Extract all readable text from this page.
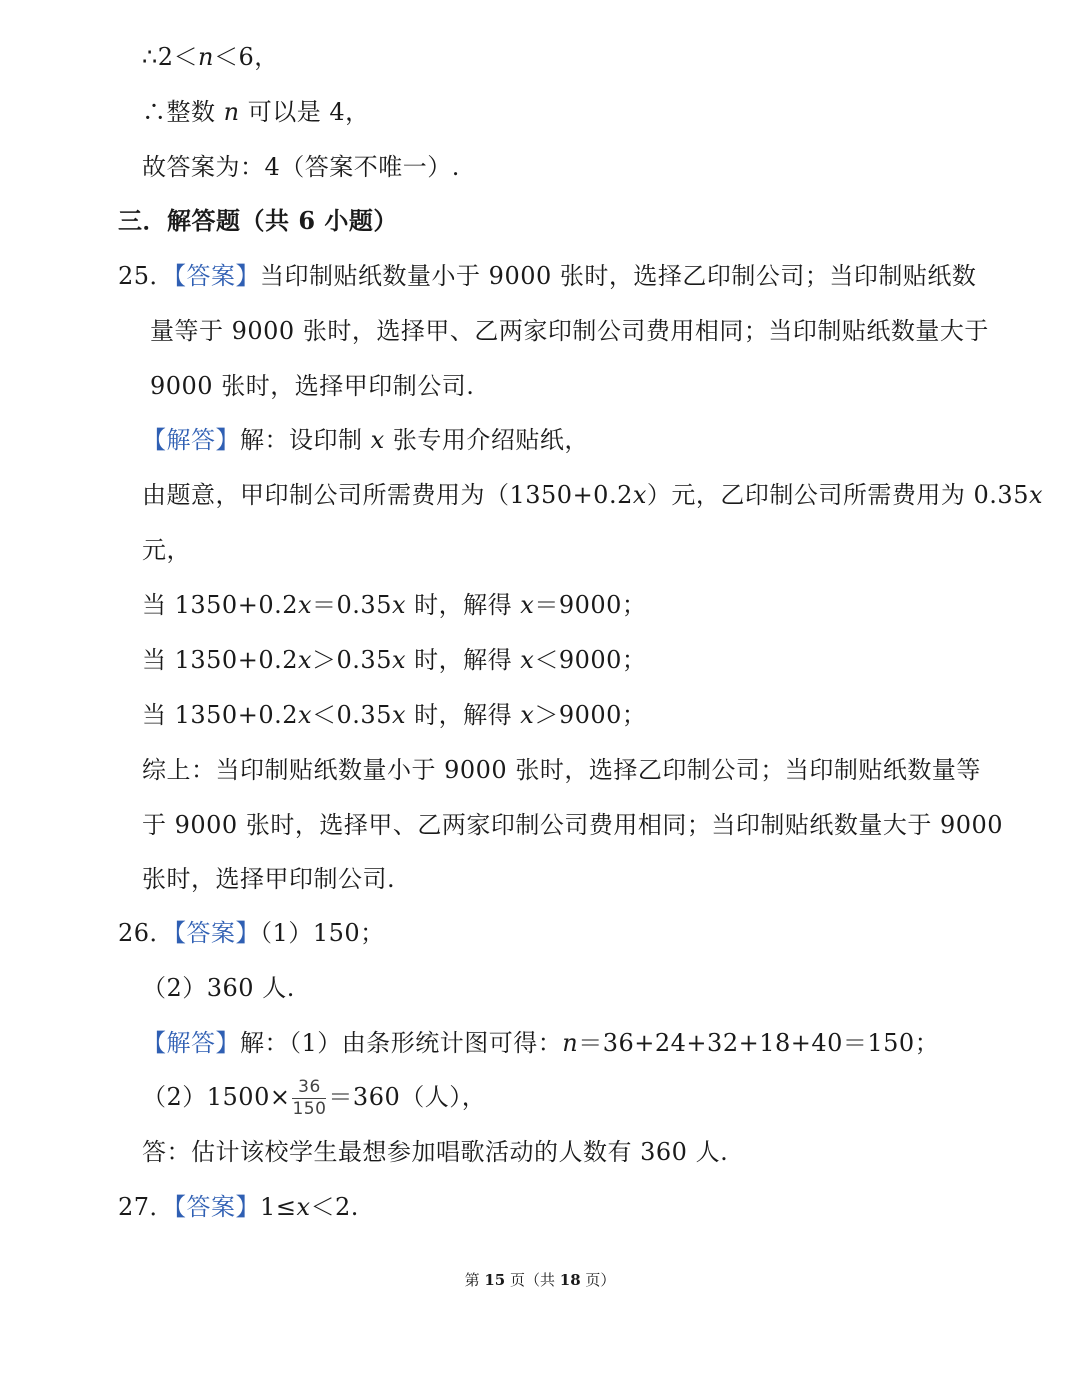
∴2＜n＜6，
∴整数 n 可以是 4，
故答案为：4（答案不唯一）.
三．解答题（共 6 小题）
25．【答案】当印制贴纸数量小于 9000 张时，选择乙印制公司；当印制贴纸数
量等于 9000 张时，选择甲、乙两家印制公司费用相同；当印制贴纸数量大于
9000 张时，选择甲印制公司.
【解答】解：设印制 x 张专用介绍贴纸，
由题意，甲印制公司所需费用为（1350+0.2x）元，乙印制公司所需费用为 0.35x
元，
当 1350+0.2x＝0.35x 时，解得 x＝9000；
当 1350+0.2x＞0.35x 时，解得 x＜9000；
当 1350+0.2x＜0.35x 时，解得 x＞9000；
综上：当印制贴纸数量小于 9000 张时，选择乙印制公司；当印制贴纸数量等
于 9000 张时，选择甲、乙两家印制公司费用相同；当印制贴纸数量大于 9000
张时，选择甲印制公司.
26．【答案】（1）150；
（2）360 人.
【解答】解：（1）由条形统计图可得：n＝36+24+32+18+40＝150；
$(2)1500\times \frac{36}{150} =360$（人），
答：估计该校学生最想参加唱歌活动的人数有 360 人.
27．【答案】1≤x＜2.
第 15 页（共 18 页）
